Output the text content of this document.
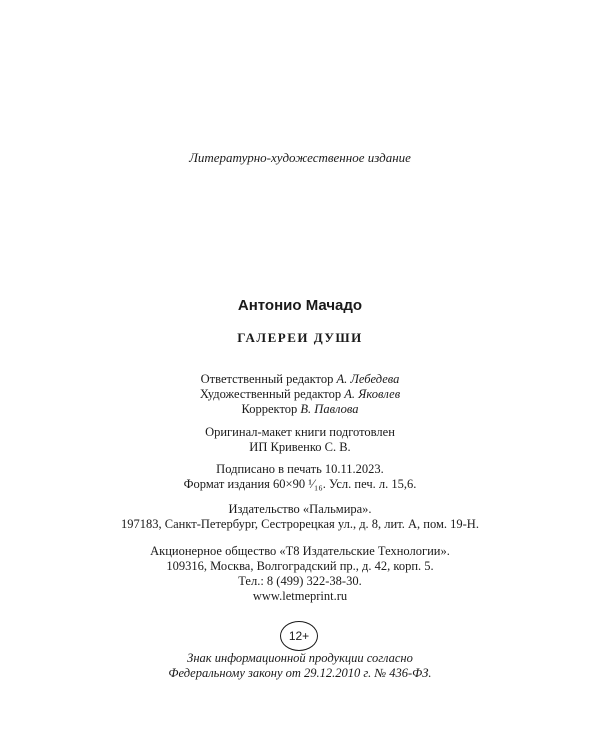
Литературно-художественное издание
Антонио Мачадо
ГАЛЕРЕИ ДУШИ
Ответственный редактор А. Лебедева
Художественный редактор А. Яковлев
Корректор В. Павлова
Оригинал-макет книги подготовлен
ИП Кривенко С. В.
Подписано в печать 10.11.2023.
Формат издания 60×90 ¹⁄₁₆. Усл. печ. л. 15,6.
Издательство «Пальмира».
197183, Санкт-Петербург, Сестрорецкая ул., д. 8, лит. А, пом. 19-Н.
Акционерное общество «Т8 Издательские Технологии».
109316, Москва, Волгоградский пр., д. 42, корп. 5.
Тел.: 8 (499) 322-38-30.
www.letmeprint.ru
12+
Знак информационной продукции согласно
Федеральному закону от 29.12.2010 г. № 436-ФЗ.
